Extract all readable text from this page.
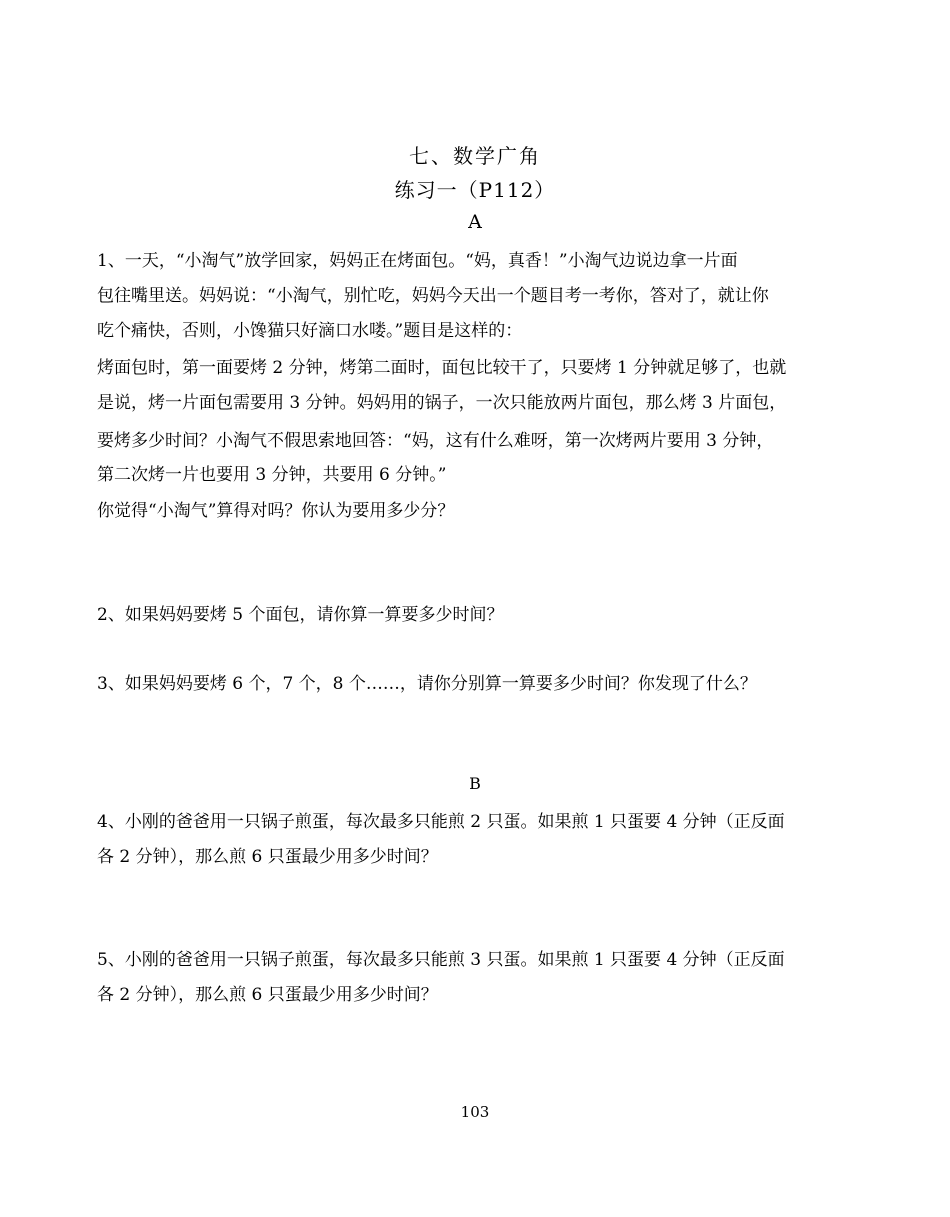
七、数学广角
练习一（P112）
A
1、一天，“小淘气”放学回家，妈妈正在烤面包。“妈，真香！”小淘气边说边拿一片面
包往嘴里送。妈妈说：“小淘气，别忙吃，妈妈今天出一个题目考一考你，答对了，就让你
吃个痛快，否则，小馋猫只好滴口水喽。”题目是这样的：
烤面包时，第一面要烤 2 分钟，烤第二面时，面包比较干了，只要烤 1 分钟就足够了，也就
是说，烤一片面包需要用 3 分钟。妈妈用的锅子，一次只能放两片面包，那么烤 3 片面包，
要烤多少时间？小淘气不假思索地回答：“妈，这有什么难呀，第一次烤两片要用 3 分钟，
第二次烤一片也要用 3 分钟，共要用 6 分钟。”
你觉得“小淘气”算得对吗？你认为要用多少分？
2、如果妈妈要烤 5 个面包，请你算一算要多少时间？
3、如果妈妈要烤 6 个，7 个，8 个……，请你分别算一算要多少时间？你发现了什么？
B
4、小刚的爸爸用一只锅子煎蛋，每次最多只能煎 2 只蛋。如果煎 1 只蛋要 4 分钟（正反面
各 2 分钟），那么煎 6 只蛋最少用多少时间？
5、小刚的爸爸用一只锅子煎蛋，每次最多只能煎 3 只蛋。如果煎 1 只蛋要 4 分钟（正反面
各 2 分钟），那么煎 6 只蛋最少用多少时间？
103
